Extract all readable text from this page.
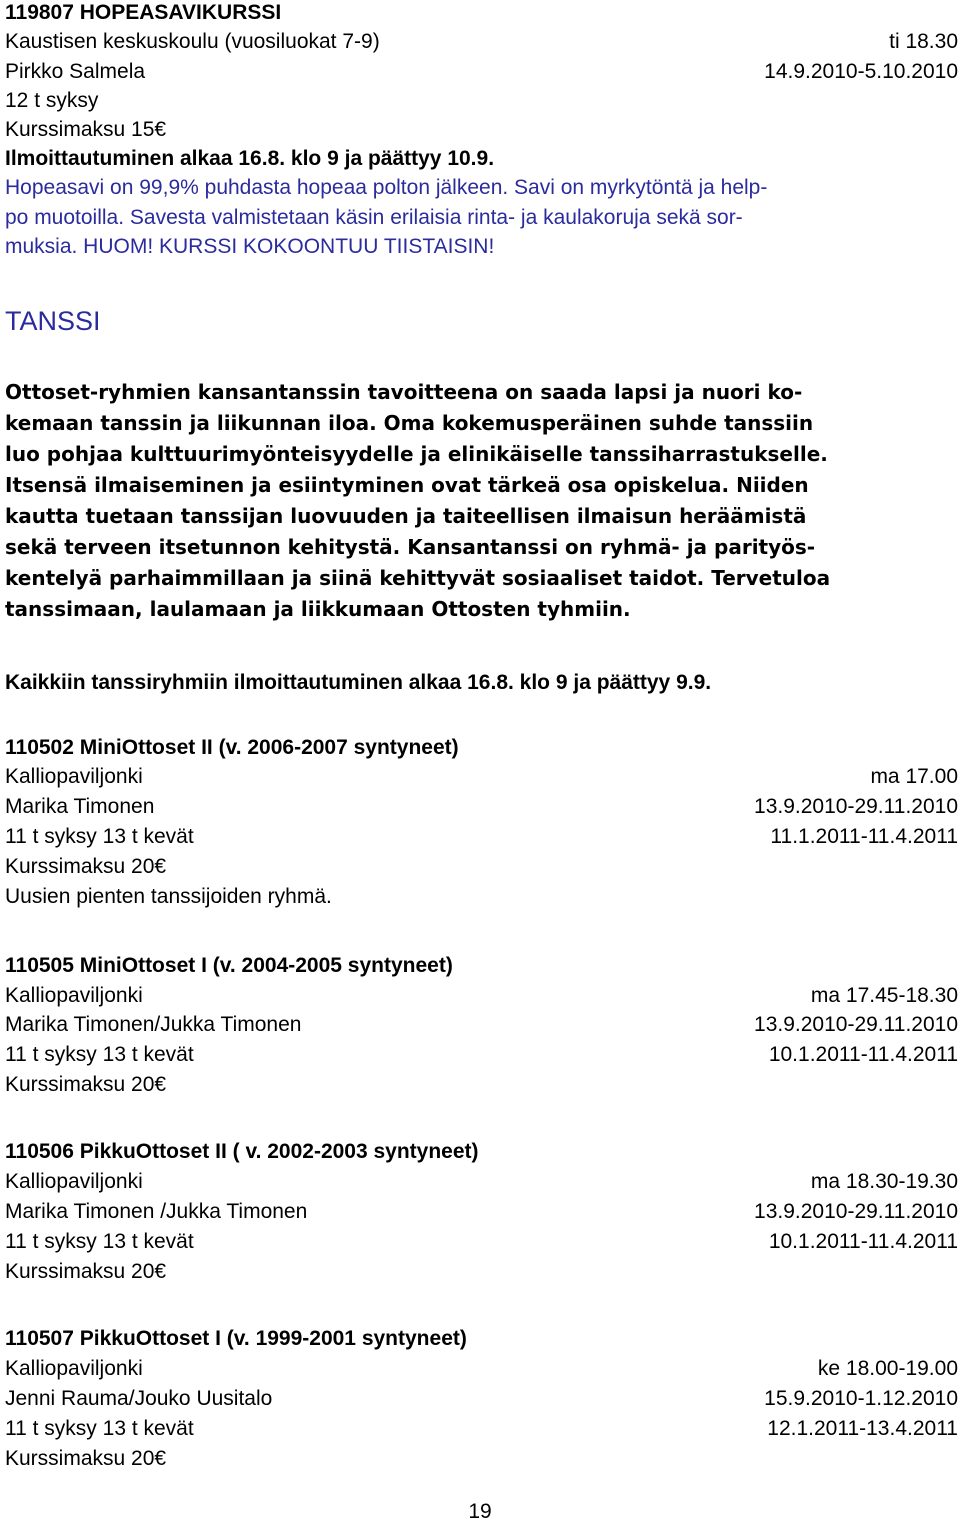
119807 HOPEASAVIKURSSI
Kaustisen keskuskoulu (vuosiluokat 7-9)	ti 18.30
Pirkko Salmela	14.9.2010-5.10.2010
12 t syksy
Kurssimaksu 15€
Ilmoittautuminen alkaa 16.8. klo 9 ja päättyy 10.9.
Hopeasavi on 99,9% puhdasta hopeaa polton jälkeen. Savi on myrkytöntä ja help-
po muotoilla. Savesta valmistetaan käsin erilaisia rinta- ja kaulakoruja sekä sor-
muksia. HUOM! KURSSI KOKOONTUU TIISTAISIN!
TANSSI
Ottoset-ryhmien kansantanssin tavoitteena on saada lapsi ja nuori ko-
kemaan tanssin ja liikunnan iloa. Oma kokemusperäinen suhde tanssiin
luo pohjaa kulttuurimyönteisyydelle ja elinikäiselle tanssiharrastukselle.
Itsensä ilmaiseminen ja esiintyminen ovat tärkeä osa opiskelua. Niiden
kautta tuetaan tanssijan luovuuden ja taiteellisen ilmaisun heräämistä
sekä terveen itsetunnon kehitystä. Kansantanssi on ryhmä- ja parityös-
kentelyä parhaimmillaan ja siinä kehittyvät sosiaaliset taidot. Tervetuloa
tanssimaan, laulamaan ja liikkumaan Ottosten tyhmiin.
Kaikkiin tanssiryhmiin ilmoittautuminen alkaa 16.8. klo 9 ja päättyy 9.9.
110502 MiniOttoset II (v. 2006-2007 syntyneet)
Kalliopaviljonki	ma 17.00
Marika Timonen	13.9.2010-29.11.2010
11 t syksy 13 t kevät	11.1.2011-11.4.2011
Kurssimaksu 20€
Uusien pienten tanssijoiden ryhmä.
110505 MiniOttoset I (v. 2004-2005 syntyneet)
Kalliopaviljonki	ma 17.45-18.30
Marika Timonen/Jukka Timonen	13.9.2010-29.11.2010
11 t syksy 13 t kevät	10.1.2011-11.4.2011
Kurssimaksu 20€
110506 PikkuOttoset II ( v. 2002-2003 syntyneet)
Kalliopaviljonki	ma 18.30-19.30
Marika Timonen /Jukka Timonen	13.9.2010-29.11.2010
11 t syksy 13 t kevät	10.1.2011-11.4.2011
Kurssimaksu 20€
110507 PikkuOttoset I (v. 1999-2001 syntyneet)
Kalliopaviljonki	ke 18.00-19.00
Jenni Rauma/Jouko Uusitalo	15.9.2010-1.12.2010
11 t syksy 13 t kevät	12.1.2011-13.4.2011
Kurssimaksu 20€
19
